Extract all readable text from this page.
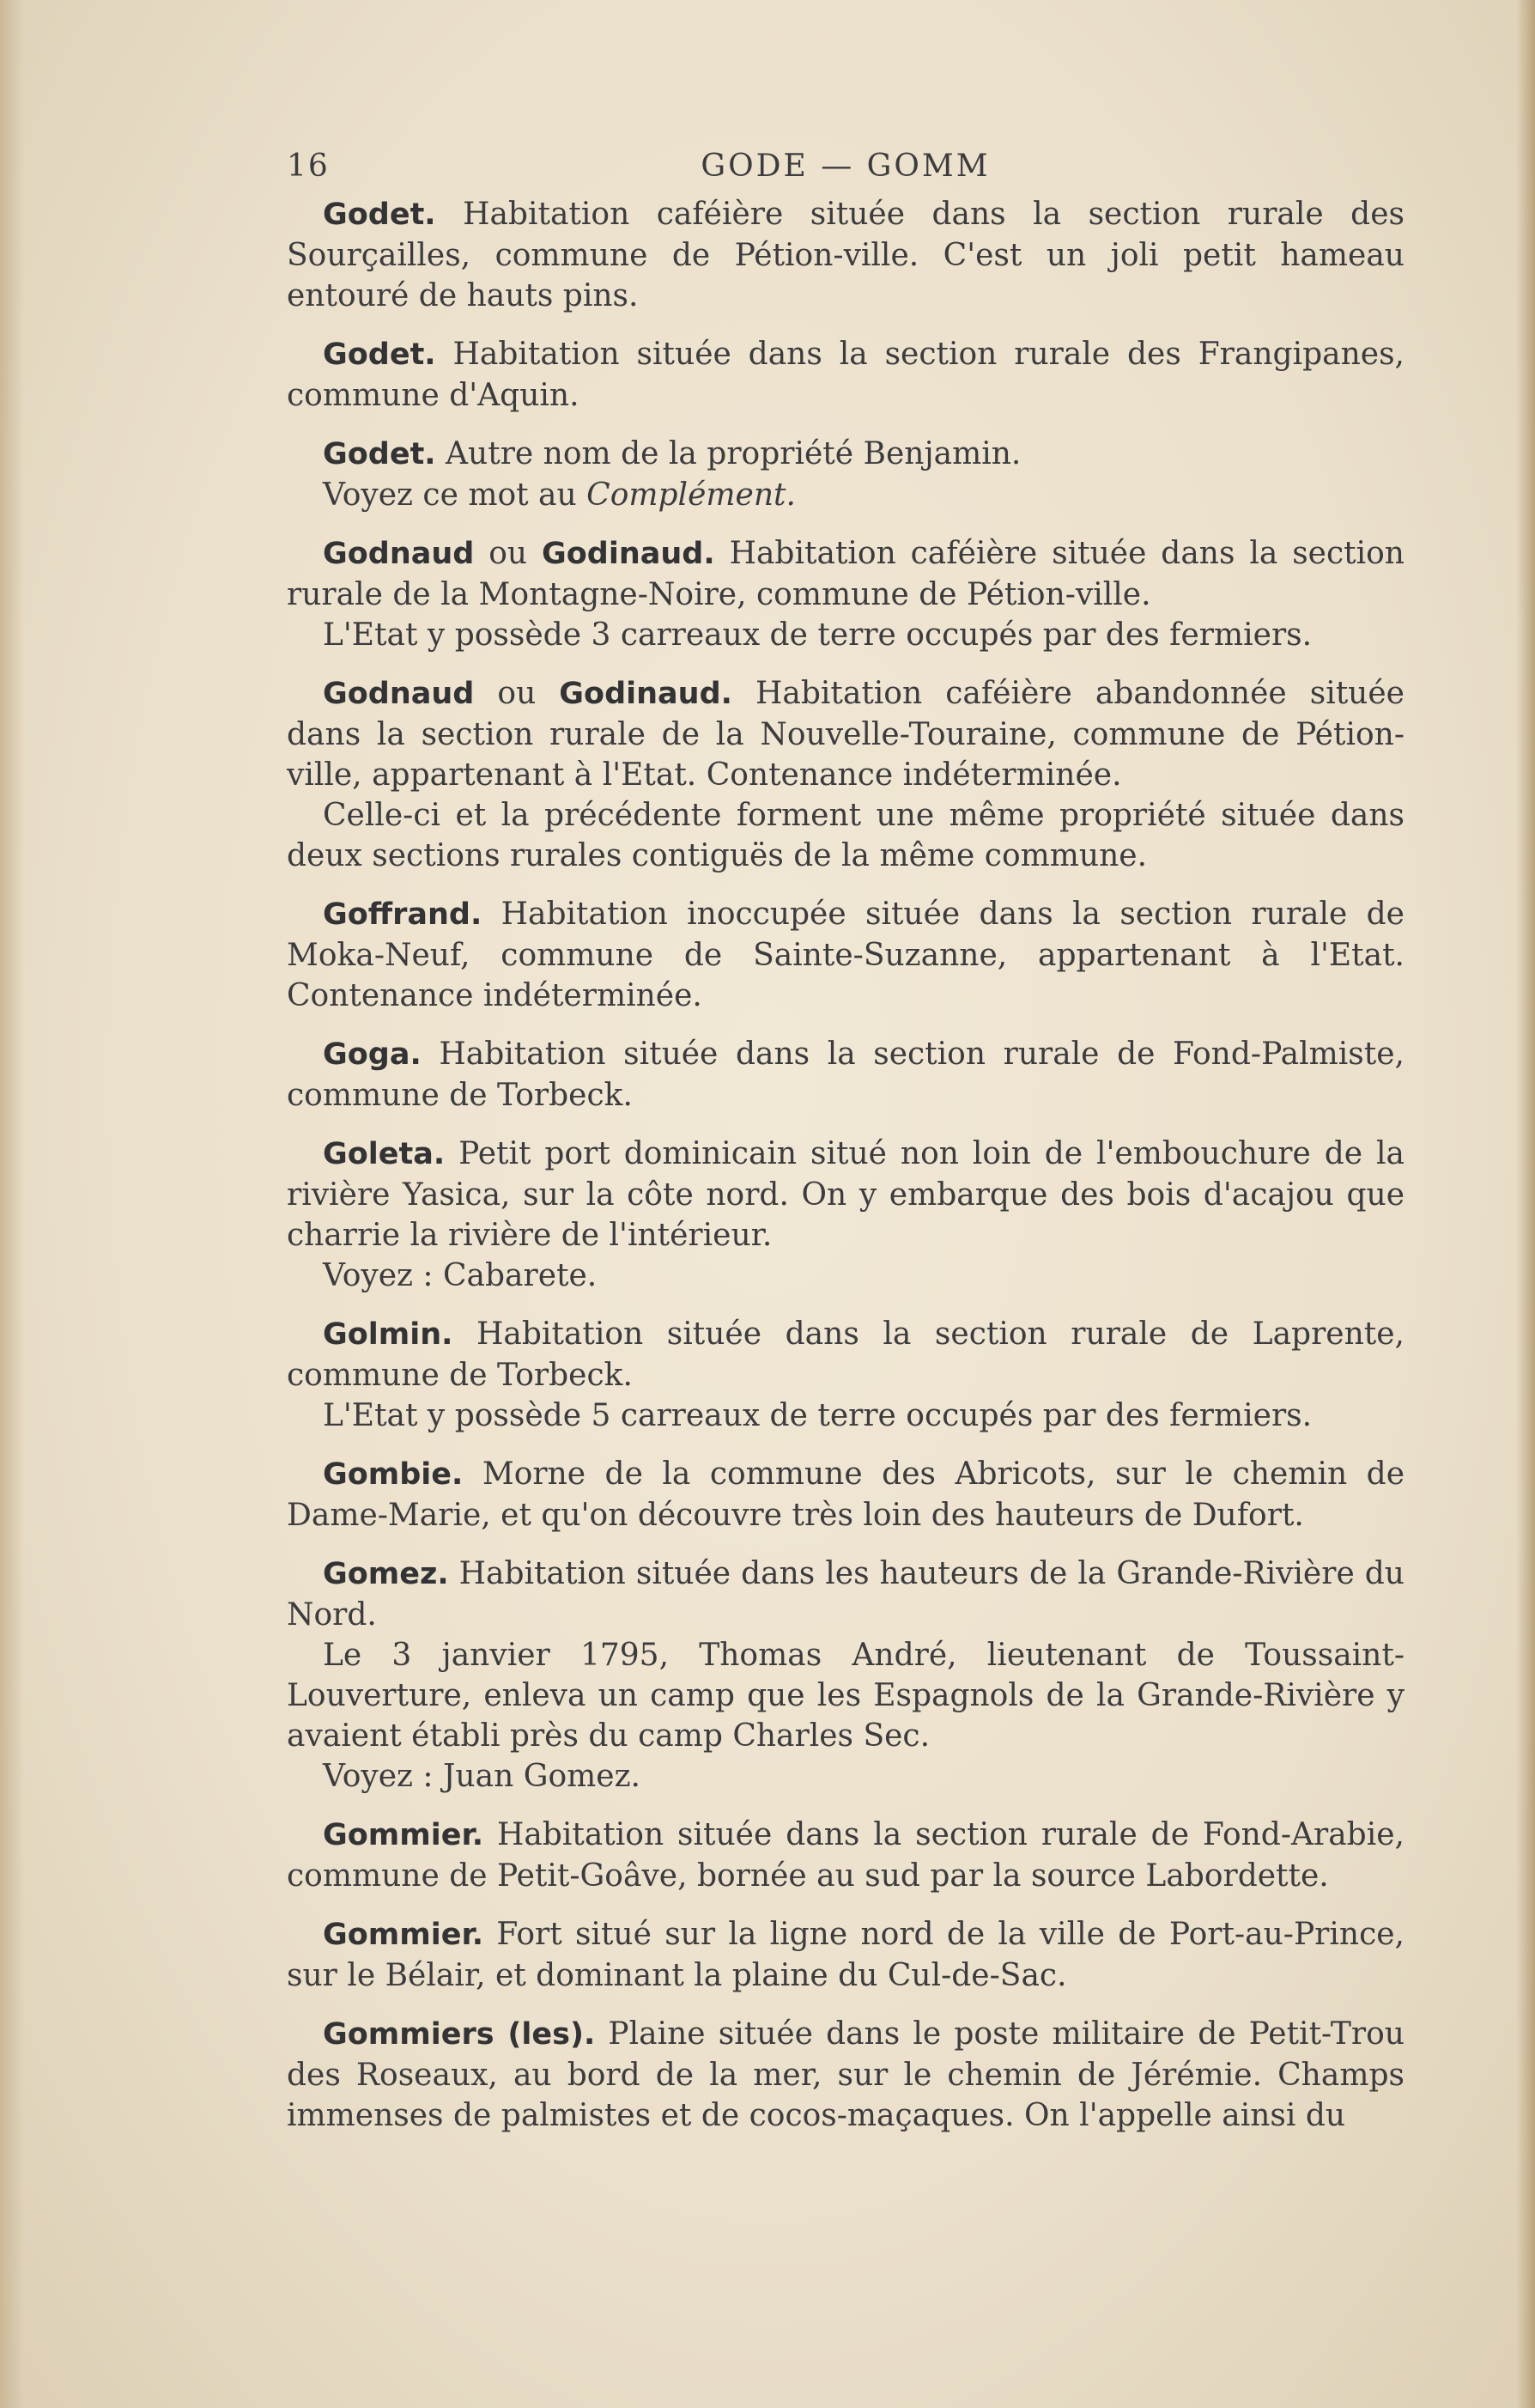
16	GODE — GOMM

Godet. Habitation caféière située dans la section rurale des Sourçailles, commune de Pétion-ville. C'est un joli petit hameau entouré de hauts pins.

Godet. Habitation située dans la section rurale des Frangipanes, commune d'Aquin.

Godet. Autre nom de la propriété Benjamin.

Voyez ce mot au Complément.

Godnaud ou Godinaud. Habitation caféière située dans la section rurale de la Montagne-Noire, commune de Pétion-ville.

L'Etat y possède 3 carreaux de terre occupés par des fermiers.

Godnaud ou Godinaud. Habitation caféière abandonnée située dans la section rurale de la Nouvelle-Touraine, commune de Pétion-ville, appartenant à l'Etat. Contenance indéterminée.

Celle-ci et la précédente forment une même propriété située dans deux sections rurales contiguës de la même commune.

Goffrand. Habitation inoccupée située dans la section rurale de Moka-Neuf, commune de Sainte-Suzanne, appartenant à l'Etat. Contenance indéterminée.

Goga. Habitation située dans la section rurale de Fond-Palmiste, commune de Torbeck.

Goleta. Petit port dominicain situé non loin de l'embouchure de la rivière Yasica, sur la côte nord. On y embarque des bois d'acajou que charrie la rivière de l'intérieur.

Voyez : Cabarete.

Golmin. Habitation située dans la section rurale de Laprente, commune de Torbeck.

L'Etat y possède 5 carreaux de terre occupés par des fermiers.

Gombie. Morne de la commune des Abricots, sur le chemin de Dame-Marie, et qu'on découvre très loin des hauteurs de Dufort.

Gomez. Habitation située dans les hauteurs de la Grande-Rivière du Nord.

Le 3 janvier 1795, Thomas André, lieutenant de Toussaint-Louverture, enleva un camp que les Espagnols de la Grande-Rivière y avaient établi près du camp Charles Sec.

Voyez : Juan Gomez.

Gommier. Habitation située dans la section rurale de Fond-Arabie, commune de Petit-Goâve, bornée au sud par la source Labordette.

Gommier. Fort situé sur la ligne nord de la ville de Port-au-Prince, sur le Bélair, et dominant la plaine du Cul-de-Sac.

Gommiers (les). Plaine située dans le poste militaire de Petit-Trou des Roseaux, au bord de la mer, sur le chemin de Jérémie. Champs immenses de palmistes et de cocos-maçaques. On l'appelle ainsi du
